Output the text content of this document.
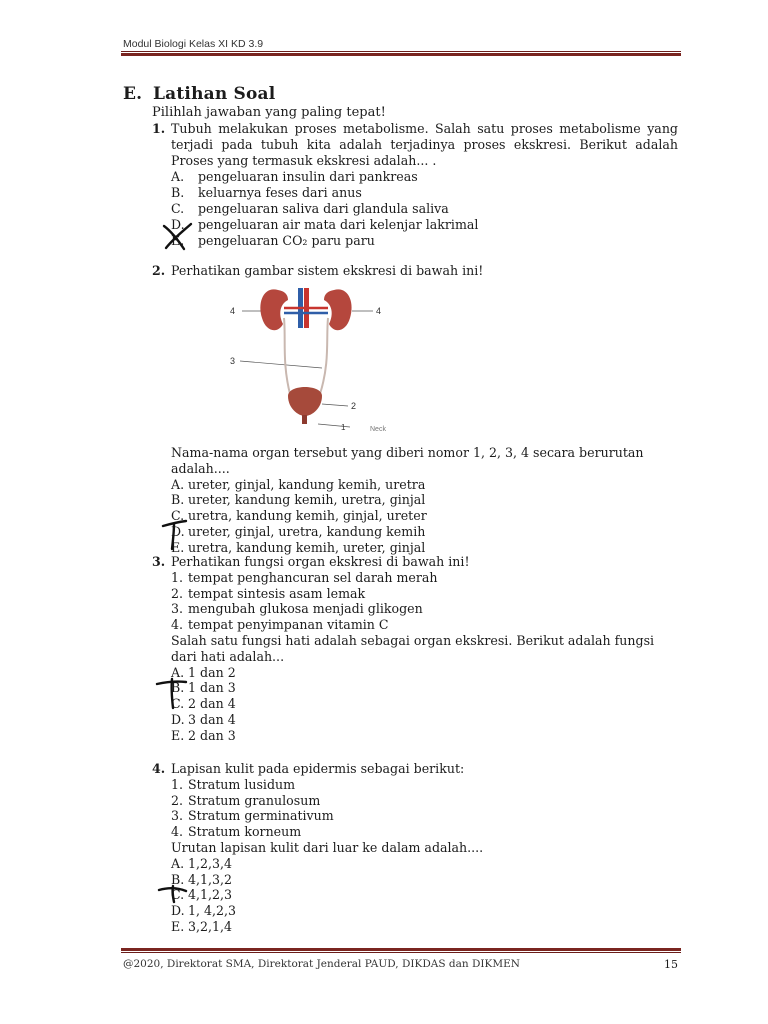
Modul Biologi Kelas XI KD 3.9
E. Latihan Soal
Pilihlah jawaban yang paling tepat!
1. Tubuh melakukan proses metabolisme. Salah satu proses metabolisme yang terjadi pada tubuh kita adalah terjadinya proses ekskresi. Berikut adalah Proses yang termasuk ekskresi adalah... .
A.	pengeluaran insulin dari pankreas
B.	keluarnya feses dari anus
C.	pengeluaran saliva dari glandula saliva
D.	pengeluaran air mata dari kelenjar lakrimal
E.	pengeluaran CO₂ paru paru
2. Perhatikan gambar sistem ekskresi di bawah ini!
4	4
3
2
1	Neck
Nama-nama organ tersebut yang diberi nomor 1, 2, 3, 4 secara berurutan adalah....
A. ureter, ginjal, kandung kemih, uretra
B. ureter, kandung kemih, uretra, ginjal
C. uretra, kandung kemih, ginjal, ureter
D. ureter, ginjal, uretra, kandung kemih
E. uretra, kandung kemih, ureter, ginjal
3. Perhatikan fungsi organ ekskresi di bawah ini!
1. tempat penghancuran sel darah merah
2. tempat sintesis asam lemak
3. mengubah glukosa menjadi glikogen
4. tempat penyimpanan vitamin C
Salah satu fungsi hati adalah sebagai organ ekskresi. Berikut adalah fungsi dari hati adalah...
A. 1 dan 2
B. 1 dan 3
C. 2 dan 4
D. 3 dan 4
E. 2 dan 3
4. Lapisan kulit pada epidermis sebagai berikut:
1. Stratum lusidum
2. Stratum granulosum
3. Stratum germinativum
4. Stratum korneum
Urutan lapisan kulit dari luar ke dalam adalah....
A. 1,2,3,4
B. 4,1,3,2
C. 4,1,2,3
D. 1, 4,2,3
E. 3,2,1,4
@2020, Direktorat SMA, Direktorat Jenderal PAUD, DIKDAS dan DIKMEN	15
